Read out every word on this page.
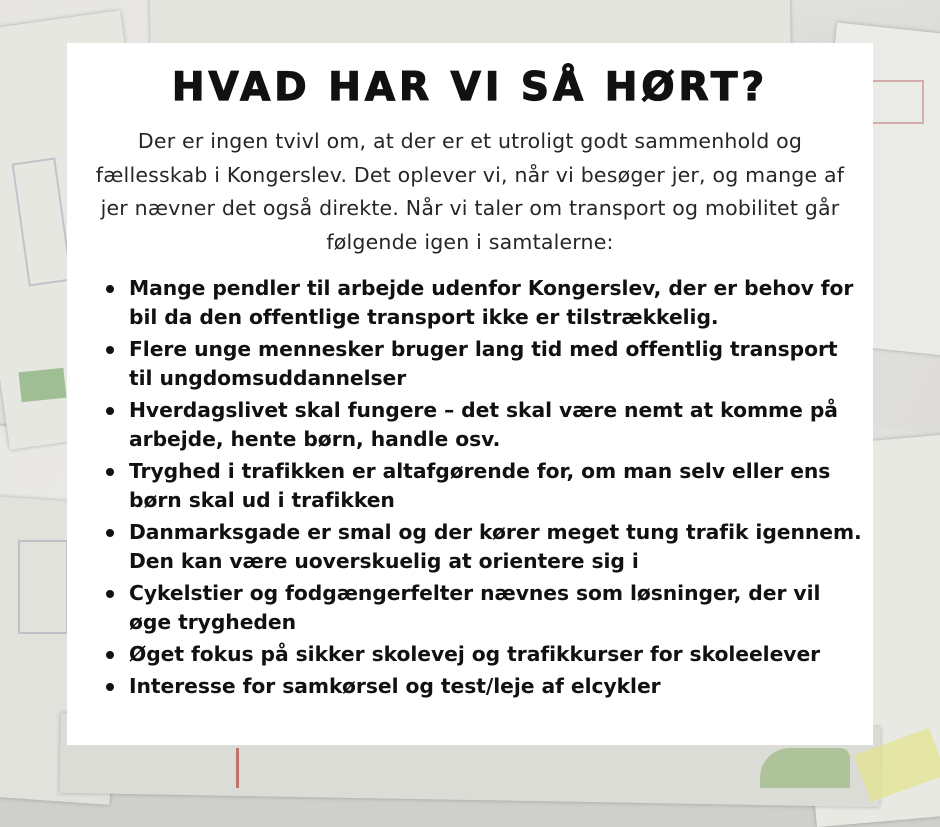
HVAD HAR VI SÅ HØRT?
Der er ingen tvivl om, at der er et utroligt godt sammenhold og fællesskab i Kongerslev. Det oplever vi, når vi besøger jer, og mange af jer nævner det også direkte. Når vi taler om transport og mobilitet går følgende igen i samtalerne:
Mange pendler til arbejde udenfor Kongerslev, der er behov for bil da den offentlige transport ikke er tilstrækkelig.
Flere unge mennesker bruger lang tid med offentlig transport til ungdomsuddannelser
Hverdagslivet skal fungere – det skal være nemt at komme på arbejde, hente børn, handle osv.
Tryghed i trafikken er altafgørende for, om man selv eller ens børn skal ud i trafikken
Danmarksgade er smal og der kører meget tung trafik igennem. Den kan være uoverskuelig at orientere sig i
Cykelstier og fodgængerfelter nævnes som løsninger, der vil øge trygheden
Øget fokus på sikker skolevej og trafikkurser for skoleelever
Interesse for samkørsel og test/leje af elcykler
